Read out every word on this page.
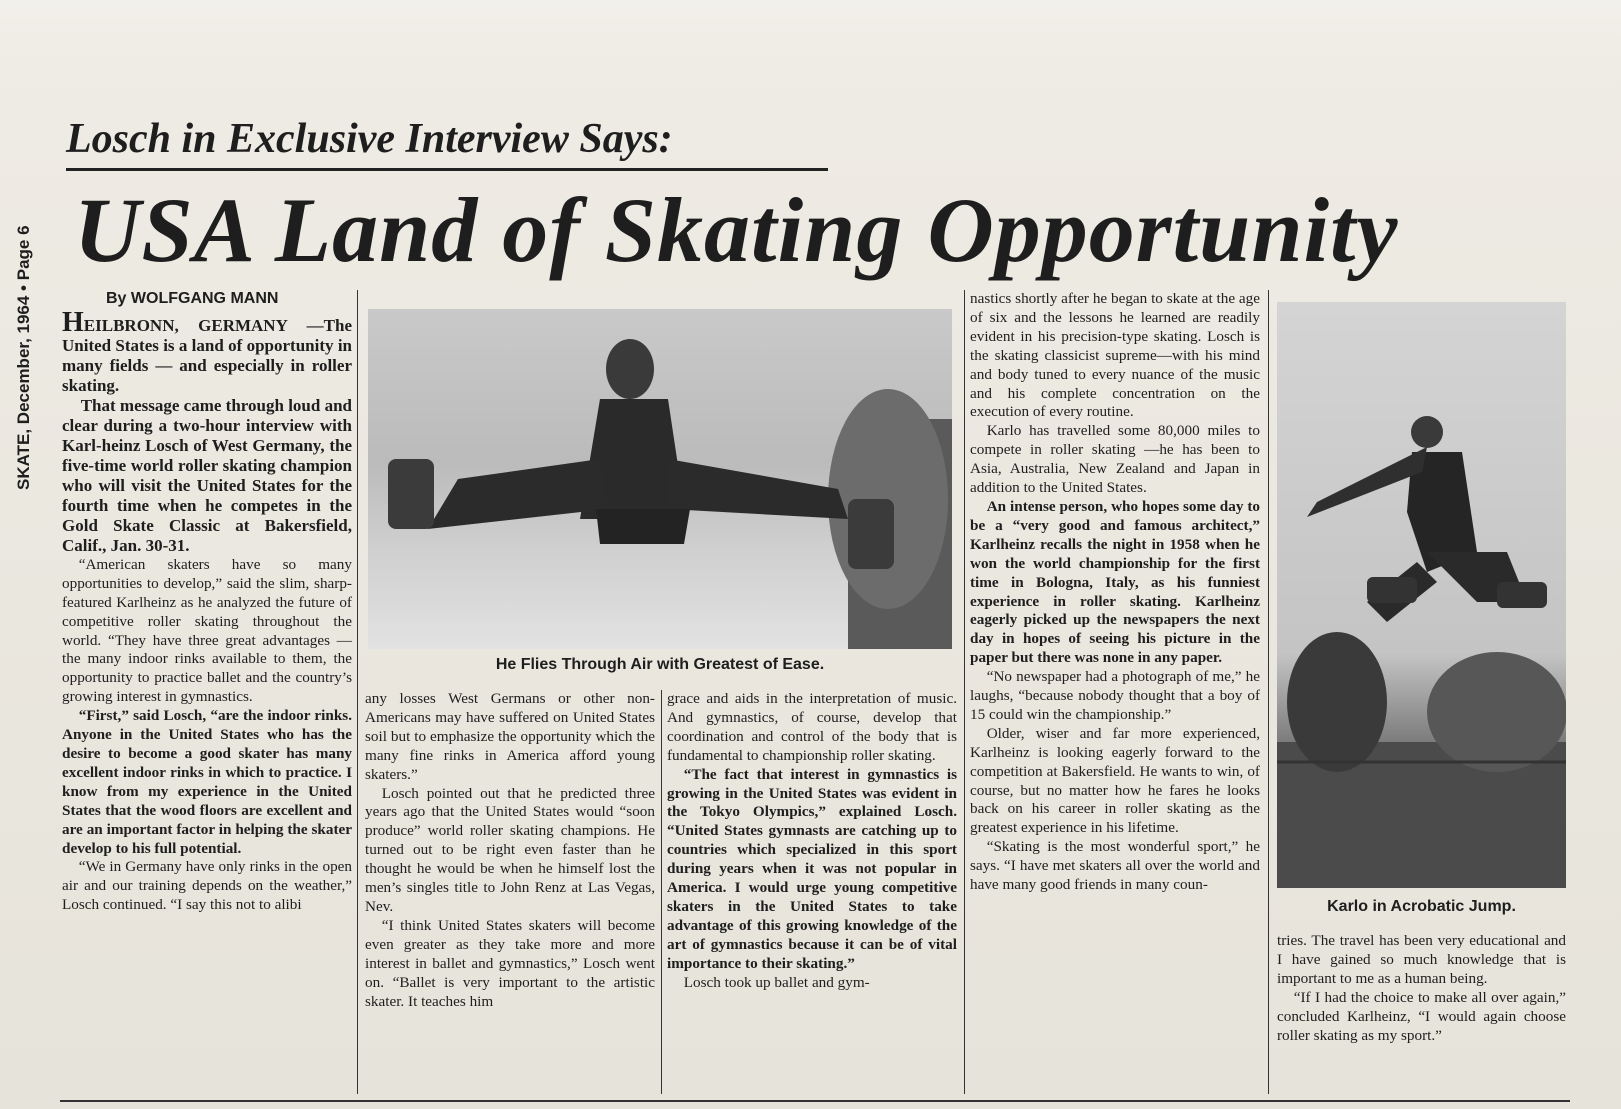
SKATE, December, 1964 • Page 6
Losch in Exclusive Interview Says:
USA Land of Skating Opportunity
By WOLFGANG MANN

HEILBRONN, GERMANY —The United States is a land of opportunity in many fields — and especially in roller skating.

That message came through loud and clear during a two-hour interview with Karl-heinz Losch of West Germany, the five-time world roller skating champion who will visit the United States for the fourth time when he competes in the Gold Skate Classic at Bakersfield, Calif., Jan. 30-31.

“American skaters have so many opportunities to develop,” said the slim, sharp-featured Karlheinz as he analyzed the future of competitive roller skating throughout the world. “They have three great advantages — the many indoor rinks available to them, the opportunity to practice ballet and the country’s growing interest in gymnastics.

“First,” said Losch, “are the indoor rinks. Anyone in the United States who has the desire to become a good skater has many excellent indoor rinks in which to practice. I know from my experience in the United States that the wood floors are excellent and are an important factor in helping the skater develop to his full potential.

“We in Germany have only rinks in the open air and our training depends on the weather,” Losch continued. “I say this not to alibi

He Flies Through Air with Greatest of Ease.

any losses West Germans or other non-Americans may have suffered on United States soil but to emphasize the opportunity which the many fine rinks in America afford young skaters.”

Losch pointed out that he predicted three years ago that the United States would “soon produce” world roller skating champions. He turned out to be right even faster than he thought he would be when he himself lost the men’s singles title to John Renz at Las Vegas, Nev.

“I think United States skaters will become even greater as they take more and more interest in ballet and gymnastics,” Losch went on. “Ballet is very important to the artistic skater. It teaches him

grace and aids in the interpretation of music. And gymnastics, of course, develop that coordination and control of the body that is fundamental to championship roller skating.

“The fact that interest in gymnastics is growing in the United States was evident in the Tokyo Olympics,” explained Losch. “United States gymnasts are catching up to countries which specialized in this sport during years when it was not popular in America. I would urge young competitive skaters in the United States to take advantage of this growing knowledge of the art of gymnastics because it can be of vital importance to their skating.”

Losch took up ballet and gym-

nastics shortly after he began to skate at the age of six and the lessons he learned are readily evident in his precision-type skating. Losch is the skating classicist supreme—with his mind and body tuned to every nuance of the music and his complete concentration on the execution of every routine.

Karlo has travelled some 80,000 miles to compete in roller skating —he has been to Asia, Australia, New Zealand and Japan in addition to the United States.

An intense person, who hopes some day to be a “very good and famous architect,” Karlheinz recalls the night in 1958 when he won the world championship for the first time in Bologna, Italy, as his funniest experience in roller skating. Karlheinz eagerly picked up the newspapers the next day in hopes of seeing his picture in the paper but there was none in any paper.

“No newspaper had a photograph of me,” he laughs, “because nobody thought that a boy of 15 could win the championship.”

Older, wiser and far more experienced, Karlheinz is looking eagerly forward to the competition at Bakersfield. He wants to win, of course, but no matter how he fares he looks back on his career in roller skating as the greatest experience in his lifetime.

“Skating is the most wonderful sport,” he says. “I have met skaters all over the world and have many good friends in many coun-

Karlo in Acrobatic Jump.

tries. The travel has been very educational and I have gained so much knowledge that is important to me as a human being.

“If I had the choice to make all over again,” concluded Karlheinz, “I would again choose roller skating as my sport.”
